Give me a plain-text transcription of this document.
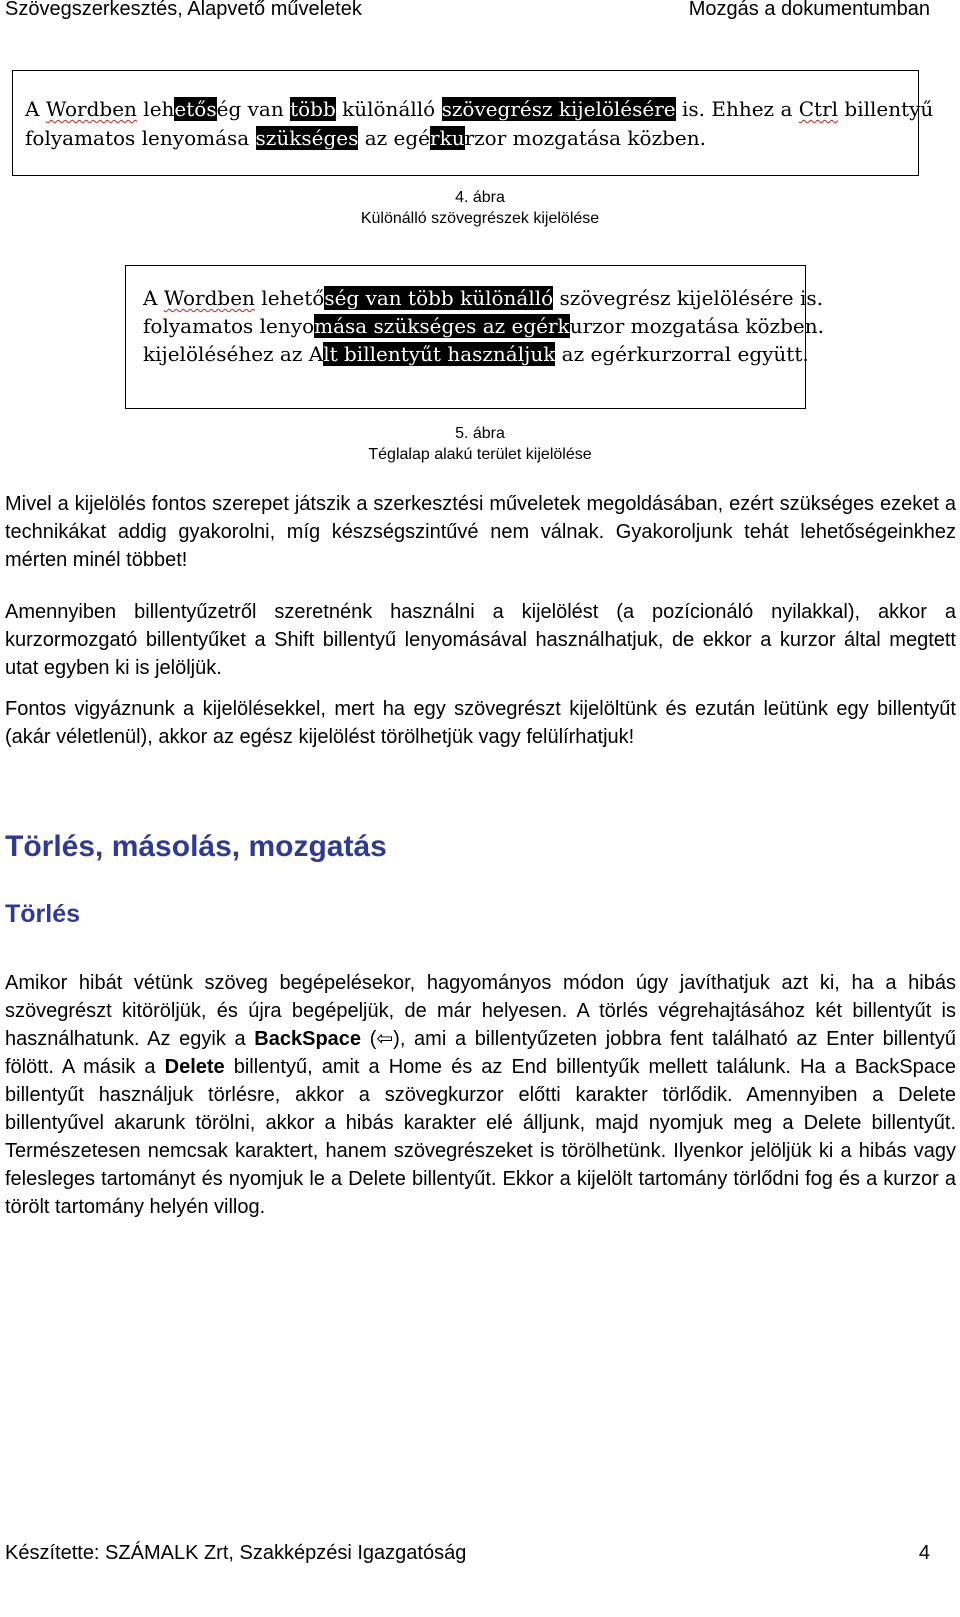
Szövegszerkesztés, Alapvető műveletek	Mozgás a dokumentumban
A Wordben lehetőség van több különálló szövegrész kijelölésére is. Ehhez a Ctrl billentyű
folyamatos lenyomása szükséges az egérkurzor mozgatása közben.
4. ábra
Különálló szövegrészek kijelölése
A Wordben lehetőség van több különálló szövegrész kijelölésére is.
folyamatos lenyomása szükséges az egérkurzor mozgatása közben.
kijelöléséhez az Alt billentyűt használjuk az egérkurzorral együtt.
5. ábra
Téglalap alakú terület kijelölése

Mivel a kijelölés fontos szerepet játszik a szerkesztési műveletek megoldásában, ezért szükséges ezeket a technikákat addig gyakorolni, míg készségszintűvé nem válnak. Gyakoroljunk tehát lehetőségeinkhez mérten minél többet!

Amennyiben billentyűzetről szeretnénk használni a kijelölést (a pozícionáló nyilakkal), akkor a kurzormozgató billentyűket a Shift billentyű lenyomásával használhatjuk, de ekkor a kurzor által megtett utat egyben ki is jelöljük.

Fontos vigyáznunk a kijelölésekkel, mert ha egy szövegrészt kijelöltünk és ezután leütünk egy billentyűt (akár véletlenül), akkor az egész kijelölést törölhetjük vagy felülírhatjuk!

Törlés, másolás, mozgatás
Törlés

Amikor hibát vétünk szöveg begépelésekor, hagyományos módon úgy javíthatjuk azt ki, ha a hibás szövegrészt kitöröljük, és újra begépeljük, de már helyesen. A törlés végrehajtásához két billentyűt is használhatunk. Az egyik a BackSpace (⇦), ami a billentyűzeten jobbra fent található az Enter billentyű fölött. A másik a Delete billentyű, amit a Home és az End billentyűk mellett találunk. Ha a BackSpace billentyűt használjuk törlésre, akkor a szövegkurzor előtti karakter törlődik. Amennyiben a Delete billentyűvel akarunk törölni, akkor a hibás karakter elé álljunk, majd nyomjuk meg a Delete billentyűt. Természetesen nemcsak karaktert, hanem szövegrészeket is törölhetünk. Ilyenkor jelöljük ki a hibás vagy felesleges tartományt és nyomjuk le a Delete billentyűt. Ekkor a kijelölt tartomány törlődni fog és a kurzor a törölt tartomány helyén villog.

Készítette: SZÁMALK Zrt, Szakképzési Igazgatóság	4
